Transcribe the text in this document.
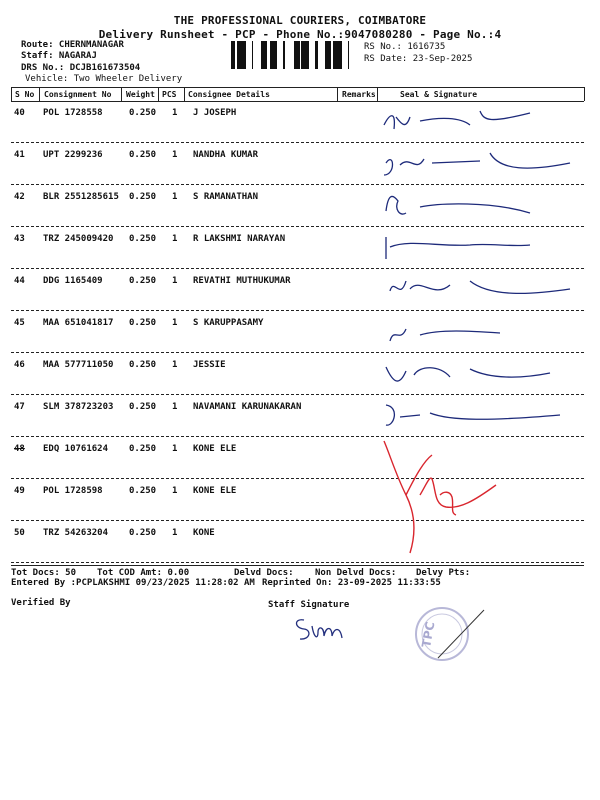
THE PROFESSIONAL COURIERS, COIMBATORE
Delivery Runsheet - PCP - Phone No.:9047080280 - Page No.:4
Route: CHERNMANAGAR
Staff: NAGARAJ
DRS No.: DCJB161673504
Vehicle: Two Wheeler Delivery
RS No.: 1616735
RS Date: 23-Sep-2025
S No Consignment No Weight PCS Consignee Details	Remarks	Seal & Signature
40 POL 1728558	0.250 1 J JOSEPH
41 UPT 2299236	0.250 1 NANDHA KUMAR
42 BLR 2551285615 0.250 1 S RAMANATHAN
43 TRZ 245009420 0.250 1 R LAKSHMI NARAYAN
44 DDG 1165409	0.250 1 REVATHI MUTHUKUMAR
45 MAA 651041817 0.250 1 S KARUPPASAMY
46 MAA 577711050 0.250 1 JESSIE
47 SLM 378723203 0.250 1 NAVAMANI KARUNAKARAN
48 EDQ 10761624 0.250 1 KONE ELE
49 POL 1728598	0.250 1 KONE ELE
50 TRZ 54263204 0.250 1 KONE
Tot Docs: 50 Tot COD Amt: 0.00	Delvd Docs: Non Delvd Docs: Delvy Pts:
Entered By :PCPLAKSHMI 09/23/2025 11:28:02 AM Reprinted On: 23-09-2025 11:33:55
Verified By	Staff Signature
TPC
